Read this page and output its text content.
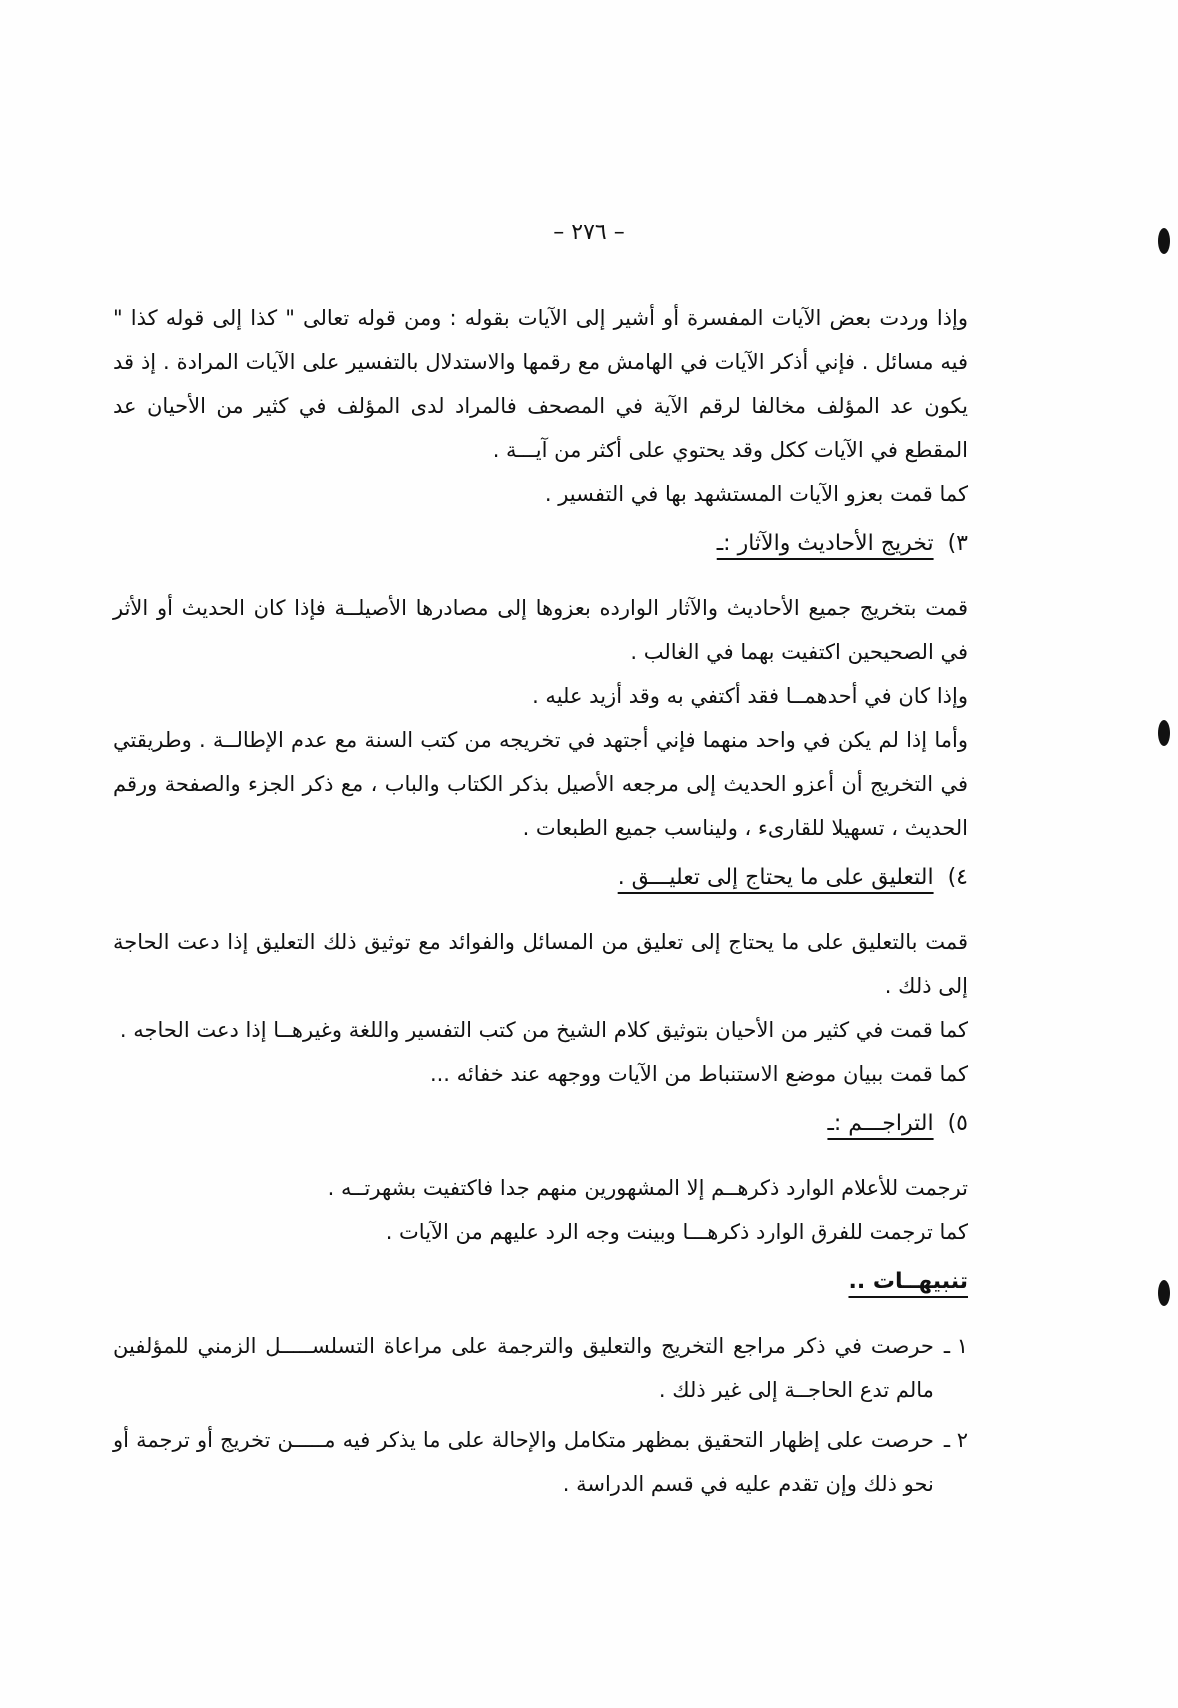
– ٢٧٦ –

وإذا وردت بعض الآيات المفسرة أو أشير إلى الآيات بقوله : ومن قوله تعالى " كذا إلى قوله كذا " فيه مسائل . فإني أذكر الآيات في الهامش مع رقمها والاستدلال بالتفسير على الآيات المرادة . إذ قد يكون عد المؤلف مخالفا لرقم الآية في المصحف فالمراد لدى المؤلف في كثير من الأحيان عد المقطع في الآيات ككل وقد يحتوي على أكثر من آيـــة .

كما قمت بعزو الآيات المستشهد بها في التفسير .

٣)
تخريج الأحاديث والآثار :ـ

قمت بتخريج جميع الأحاديث والآثار الوارده بعزوها إلى مصادرها الأصيلــة فإذا كان الحديث أو الأثر في الصحيحين اكتفيت بهما في الغالب .

وإذا كان في أحدهمــا فقد أكتفي به وقد أزيد عليه .

وأما إذا لم يكن في واحد منهما فإني أجتهد في تخريجه من كتب السنة مع عدم الإطالــة . وطريقتي في التخريج أن أعزو الحديث إلى مرجعه الأصيل بذكر الكتاب والباب ، مع ذكر الجزء والصفحة ورقم الحديث ، تسهيلا للقارىء ، وليناسب جميع الطبعات .

٤)
التعليق على ما يحتاج إلى تعليـــق .

قمت بالتعليق على ما يحتاج إلى تعليق من المسائل والفوائد مع توثيق ذلك التعليق إذا دعت الحاجة إلى ذلك .

كما قمت في كثير من الأحيان بتوثيق كلام الشيخ من كتب التفسير واللغة وغيرهــا إذا دعت الحاجه .

كما قمت ببيان موضع الاستنباط من الآيات ووجهه عند خفائه ...

٥)
التراجـــم :ـ

ترجمت للأعلام الوارد ذكرهــم إلا المشهورين منهم جدا فاكتفيت بشهرتــه .

كما ترجمت للفرق الوارد ذكرهـــا وبينت وجه الرد عليهم من الآيات .

تنبيهــات ..
١ ـ
حرصت في ذكر مراجع التخريج والتعليق والترجمة على مراعاة التسلســـــل الزمني للمؤلفين مالم تدع الحاجــة إلى غير ذلك .
٢ ـ
حرصت على إظهار التحقيق بمظهر متكامل والإحالة على ما يذكر فيه مـــــن تخريج أو ترجمة أو نحو ذلك وإن تقدم عليه في قسم الدراسة .
